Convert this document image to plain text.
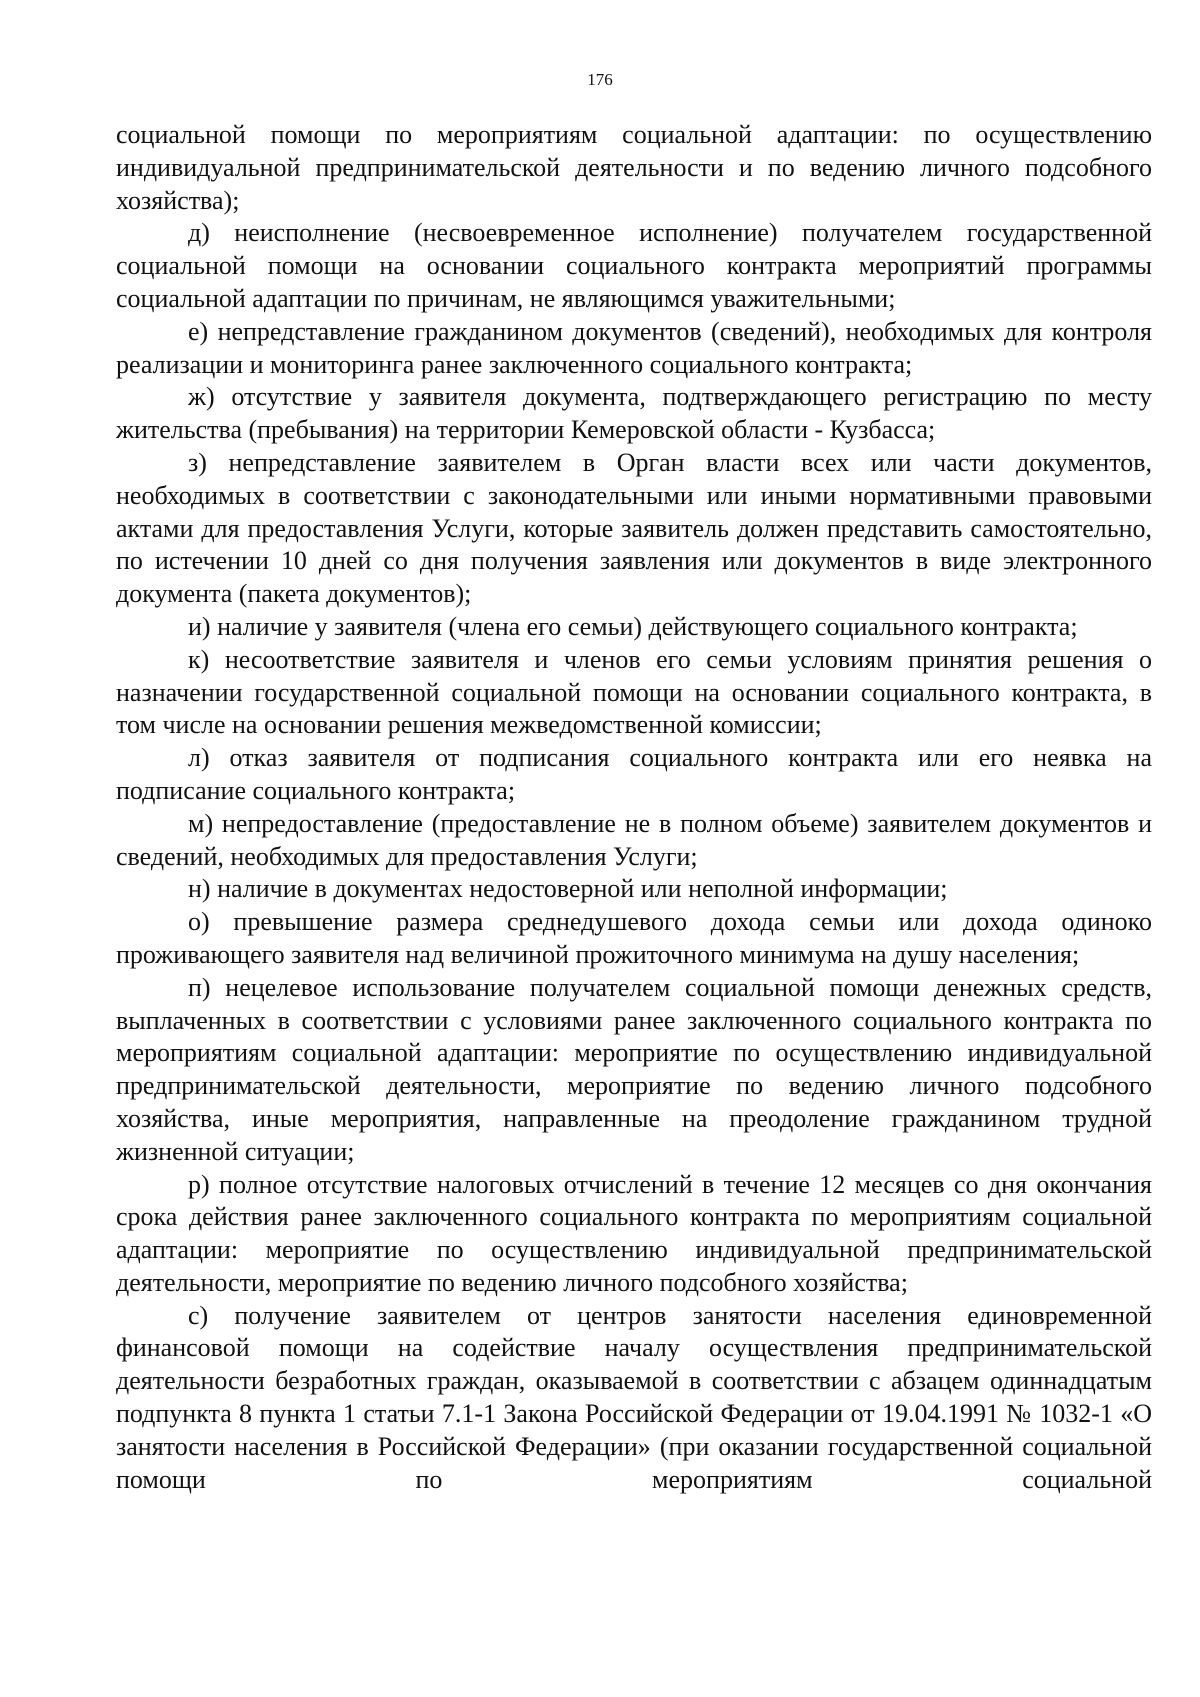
176

социальной помощи по мероприятиям социальной адаптации: по осуществлению индивидуальной предпринимательской деятельности и по ведению личного подсобного хозяйства);

д) неисполнение (несвоевременное исполнение) получателем государственной социальной помощи на основании социального контракта мероприятий программы социальной адаптации по причинам, не являющимся уважительными;

е) непредставление гражданином документов (сведений), необходимых для контроля реализации и мониторинга ранее заключенного социального контракта;

ж) отсутствие у заявителя документа, подтверждающего регистрацию по месту жительства (пребывания) на территории Кемеровской области - Кузбасса;

з) непредставление заявителем в Орган власти всех или части документов, необходимых в соответствии с законодательными или иными нормативными правовыми актами для предоставления Услуги, которые заявитель должен представить самостоятельно, по истечении 10 дней со дня получения заявления или документов в виде электронного документа (пакета документов);

и) наличие у заявителя (члена его семьи) действующего социального контракта;

к) несоответствие заявителя и членов его семьи условиям принятия решения о назначении государственной социальной помощи на основании социального контракта, в том числе на основании решения межведомственной комиссии;

л) отказ заявителя от подписания социального контракта или его неявка на подписание социального контракта;

м) непредоставление (предоставление не в полном объеме) заявителем документов и сведений, необходимых для предоставления Услуги;

н) наличие в документах недостоверной или неполной информации;

о) превышение размера среднедушевого дохода семьи или дохода одиноко проживающего заявителя над величиной прожиточного минимума на душу населения;

п) нецелевое использование получателем социальной помощи денежных средств, выплаченных в соответствии с условиями ранее заключенного социального контракта по мероприятиям социальной адаптации: мероприятие по осуществлению индивидуальной предпринимательской деятельности, мероприятие по ведению личного подсобного хозяйства, иные мероприятия, направленные на преодоление гражданином трудной жизненной ситуации;

р) полное отсутствие налоговых отчислений в течение 12 месяцев со дня окончания срока действия ранее заключенного социального контракта по мероприятиям социальной адаптации: мероприятие по осуществлению индивидуальной предпринимательской деятельности, мероприятие по ведению личного подсобного хозяйства;

с) получение заявителем от центров занятости населения единовременной финансовой помощи на содействие началу осуществления предпринимательской деятельности безработных граждан, оказываемой в соответствии с абзацем одиннадцатым подпункта 8 пункта 1 статьи 7.1-1 Закона Российской Федерации от 19.04.1991 № 1032-1 «О занятости населения в Российской Федерации» (при оказании государственной социальной помощи по мероприятиям социальной
